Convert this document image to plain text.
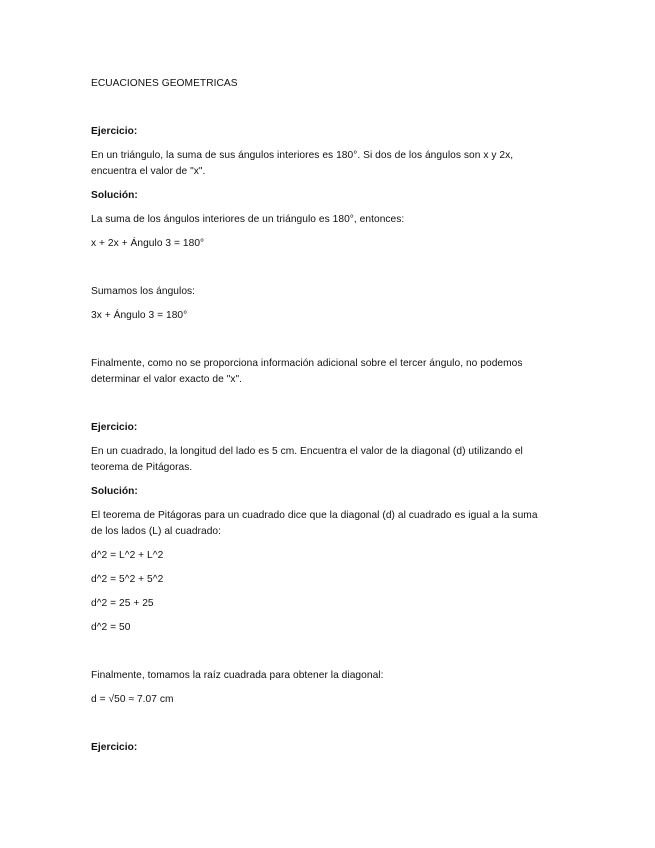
ECUACIONES GEOMETRICAS
Ejercicio:
En un triángulo, la suma de sus ángulos interiores es 180°. Si dos de los ángulos son x y 2x,
encuentra el valor de "x".
Solución:
La suma de los ángulos interiores de un triángulo es 180°, entonces:
x + 2x + Ángulo 3 = 180°
Sumamos los ángulos:
3x + Ángulo 3 = 180°
Finalmente, como no se proporciona información adicional sobre el tercer ángulo, no podemos
determinar el valor exacto de "x".
Ejercicio:
En un cuadrado, la longitud del lado es 5 cm. Encuentra el valor de la diagonal (d) utilizando el
teorema de Pitágoras.
Solución:
El teorema de Pitágoras para un cuadrado dice que la diagonal (d) al cuadrado es igual a la suma
de los lados (L) al cuadrado:
d^2 = L^2 + L^2
d^2 = 5^2 + 5^2
d^2 = 25 + 25
d^2 = 50
Finalmente, tomamos la raíz cuadrada para obtener la diagonal:
d = √50 ≈ 7.07 cm
Ejercicio:
